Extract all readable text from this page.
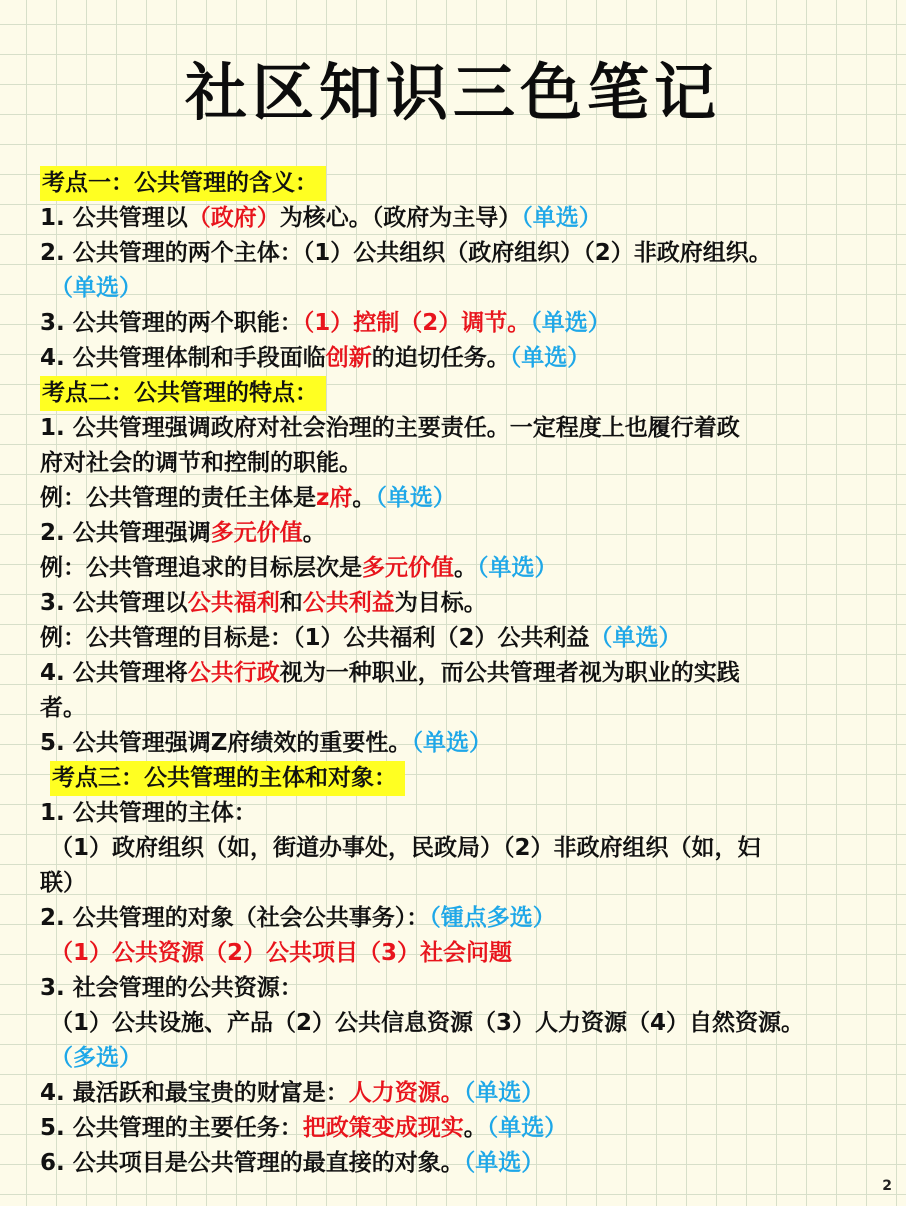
社区知识三色笔记
考点一：公共管理的含义：
1. 公共管理以（政府）为核心。（政府为主导）（单选）
2. 公共管理的两个主体：（1）公共组织（政府组织）（2）非政府组织。
（单选）
3. 公共管理的两个职能：（1）控制（2）调节。（单选）
4. 公共管理体制和手段面临创新的迫切任务。（单选）
考点二：公共管理的特点：
1. 公共管理强调政府对社会治理的主要责任。一定程度上也履行着政
府对社会的调节和控制的职能。
例：公共管理的责任主体是z府。（单选）
2. 公共管理强调多元价值。
例：公共管理追求的目标层次是多元价值。（单选）
3. 公共管理以公共福利和公共利益为目标。
例：公共管理的目标是：（1）公共福利（2）公共利益（单选）
4. 公共管理将公共行政视为一种职业，而公共管理者视为职业的实践
者。
5. 公共管理强调Z府绩效的重要性。（单选）
考点三：公共管理的主体和对象：
1. 公共管理的主体：
（1）政府组织（如，街道办事处，民政局）（2）非政府组织（如，妇
联）
2. 公共管理的对象（社会公共事务）：（锺点多选）
（1）公共资源（2）公共项目（3）社会问题
3. 社会管理的公共资源：
（1）公共设施、产品（2）公共信息资源（3）人力资源（4）自然资源。
（多选）
4. 最活跃和最宝贵的财富是：人力资源。（单选）
5. 公共管理的主要任务：把政策变成现实。（单选）
6. 公共项目是公共管理的最直接的对象。（单选）
2
